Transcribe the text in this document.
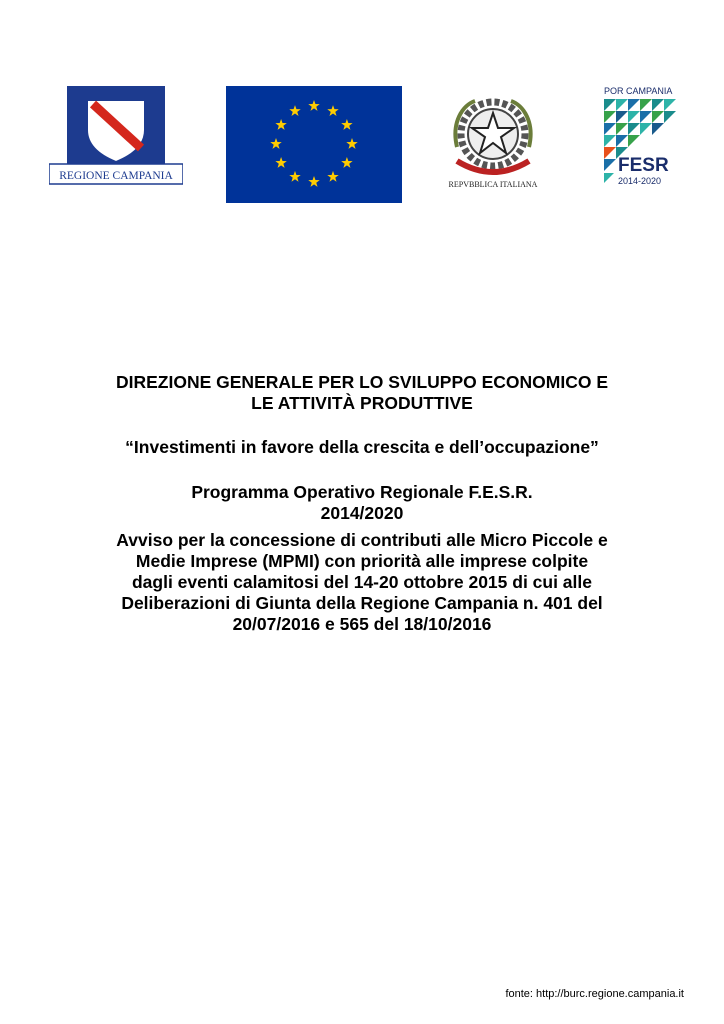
REGIONE CAMPANIA
REPVBBLICA ITALIANA
POR CAMPANIA
FESR
2014-2020
DIREZIONE GENERALE PER LO SVILUPPO ECONOMICO E
LE ATTIVITÀ PRODUTTIVE
“Investimenti in favore della crescita e dell’occupazione”
Programma Operativo Regionale F.E.S.R.
2014/2020
Avviso per la concessione di contributi alle Micro Piccole e
Medie Imprese (MPMI) con priorità alle imprese colpite
dagli eventi calamitosi del 14-20 ottobre 2015 di cui alle
Deliberazioni di Giunta della Regione Campania n. 401 del
20/07/2016 e 565 del 18/10/2016
fonte: http://burc.regione.campania.it
